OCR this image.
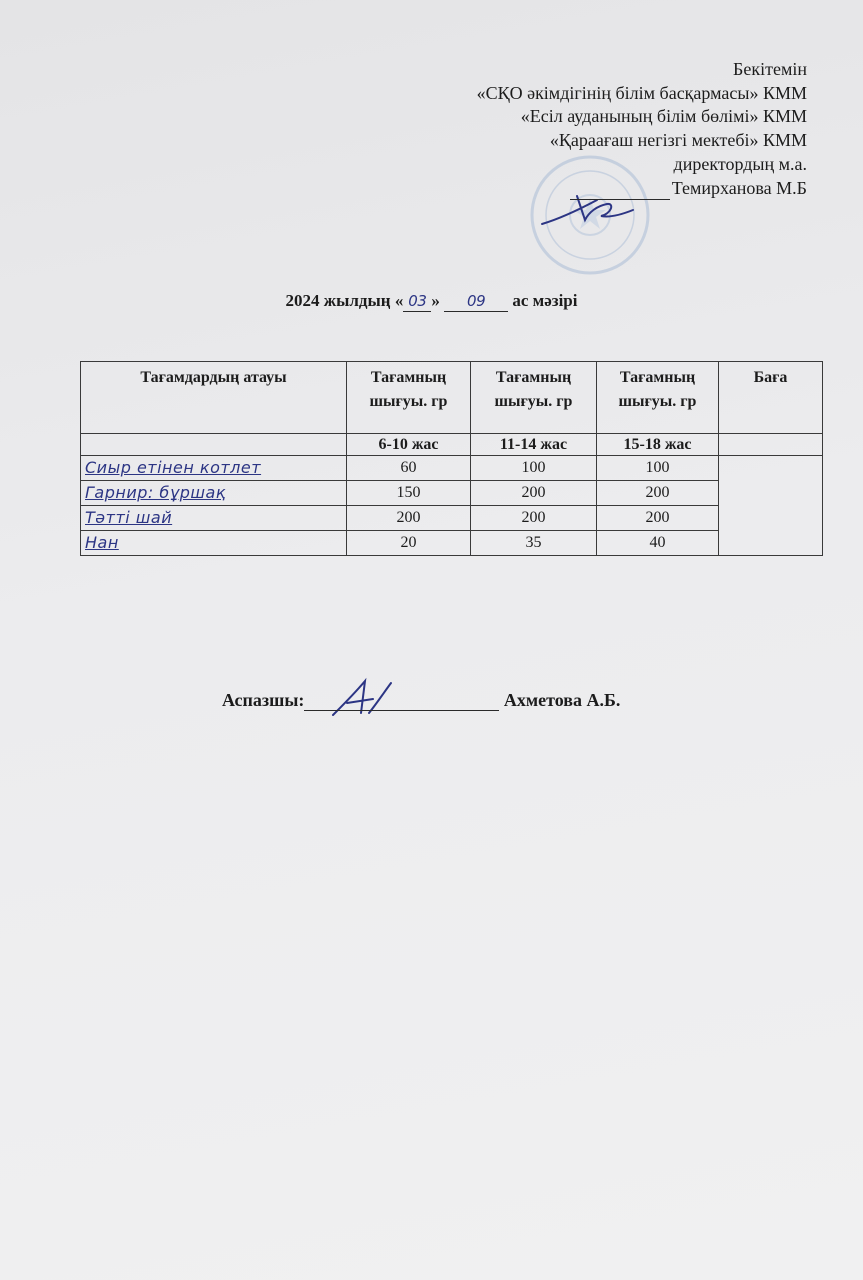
Бекітемін
«СҚО әкімдігінің білім басқармасы» КММ
«Есіл ауданының білім бөлімі» КММ
«Қараағаш негізгі мектебі» КММ
директордың м.а.
Темирханова М.Б
2024 жылдың « 03 » 09 ас мәзірі
Тағамдардың атауы	Тағамның шығуы. гр	Тағамның шығуы. гр	Тағамның шығуы. гр	Баға
	6-10 жас	11-14 жас	15-18 жас	
Сиыр етінен котлет	60	100	100	
Гарнир: бұршақ	150	200	200	
Тәтті шай	200	200	200	
Нан	20	35	40	
Аспазшы:	Ахметова А.Б.
